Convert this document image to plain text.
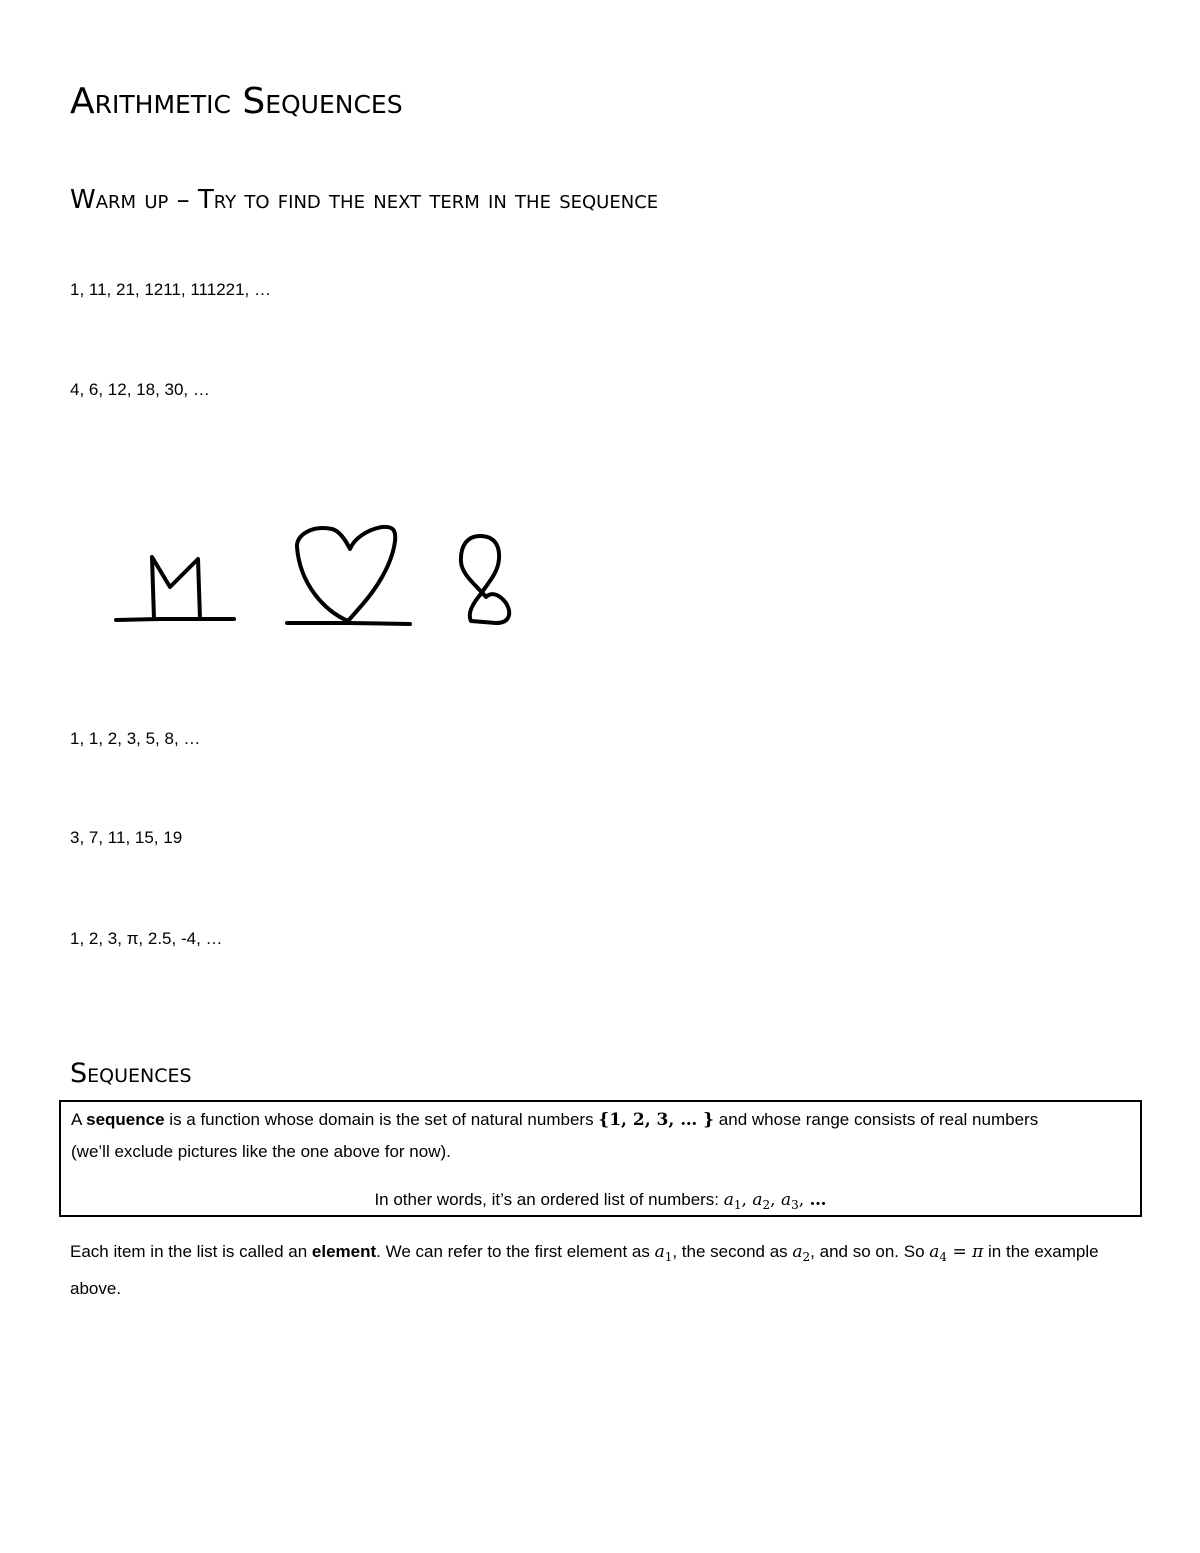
Arithmetic Sequences
Warm up – Try to find the next term in the sequence

1, 11, 21, 1211, 111221, …

4, 6, 12, 18, 30, …

1, 1, 2, 3, 5, 8, …

3, 7, 11, 15, 19

1, 2, 3, π, 2.5, -4, …

Sequences

A sequence is a function whose domain is the set of natural numbers {1, 2, 3, … } and whose range consists of real numbers (we’ll exclude pictures like the one above for now).

In other words, it’s an ordered list of numbers: $a_1$, $a_2$, $a_3$, …

Each item in the list is called an element. We can refer to the first element as $a_1$, the second as $a_2$, and so on. So $a_4 = \pi$ in the example above.
